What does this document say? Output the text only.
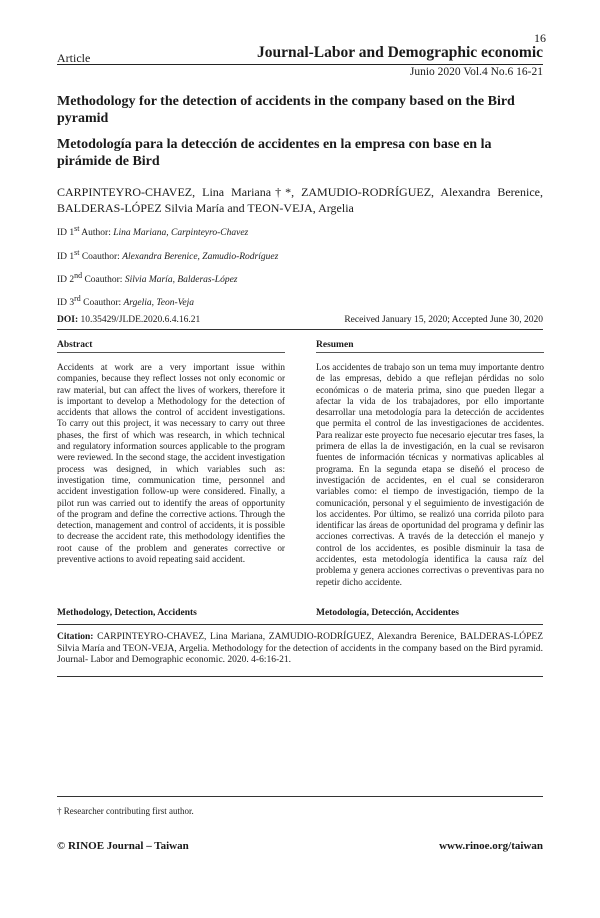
16
Article	Journal-Labor and Demographic economic
Junio 2020 Vol.4 No.6 16-21
Methodology for the detection of accidents in the company based on the Bird pyramid
Metodología para la detección de accidentes en la empresa con base en la pirámide de Bird
CARPINTEYRO-CHAVEZ, Lina Mariana†*, ZAMUDIO-RODRÍGUEZ, Alexandra Berenice, BALDERAS-LÓPEZ Silvia María and TEON-VEJA, Argelia
ID 1st Author: Lina Mariana, Carpinteyro-Chavez
ID 1st Coauthor: Alexandra Berenice, Zamudio-Rodríguez
ID 2nd Coauthor: Silvia María, Balderas-López
ID 3rd Coauthor: Argelia, Teon-Veja
DOI: 10.35429/JLDE.2020.6.4.16.21	Received January 15, 2020; Accepted June 30, 2020
Abstract	Resumen
Accidents at work are a very important issue within companies, because they reflect losses not only economic or raw material, but can affect the lives of workers, therefore it is important to develop a Methodology for the detection of accidents that allows the control of accident investigations. To carry out this project, it was necessary to carry out three phases, the first of which was research, in which technical and regulatory information sources applicable to the program were reviewed. In the second stage, the accident investigation process was designed, in which variables such as: investigation time, communication time, personnel and accident investigation follow-up were considered. Finally, a pilot run was carried out to identify the areas of opportunity of the program and define the corrective actions. Through the detection, management and control of accidents, it is possible to decrease the accident rate, this methodology identifies the root cause of the problem and generates corrective or preventive actions to avoid repeating said accident.
Los accidentes de trabajo son un tema muy importante dentro de las empresas, debido a que reflejan pérdidas no solo económicas o de materia prima, sino que pueden llegar a afectar la vida de los trabajadores, por ello importante desarrollar una metodología para la detección de accidentes que permita el control de las investigaciones de accidentes. Para realizar este proyecto fue necesario ejecutar tres fases, la primera de ellas la de investigación, en la cual se revisaron fuentes de información técnicas y normativas aplicables al programa. En la segunda etapa se diseñó el proceso de investigación de accidentes, en el cual se consideraron variables como: el tiempo de investigación, tiempo de la comunicación, personal y el seguimiento de investigación de los accidentes. Por último, se realizó una corrida piloto para identificar las áreas de oportunidad del programa y definir las acciones correctivas. A través de la detección el manejo y control de los accidentes, es posible disminuir la tasa de accidentes, esta metodología identifica la causa raíz del problema y genera acciones correctivas o preventivas para no repetir dicho accidente.
Methodology, Detection, Accidents	Metodología, Detección, Accidentes
Citation: CARPINTEYRO-CHAVEZ, Lina Mariana, ZAMUDIO-RODRÍGUEZ, Alexandra Berenice, BALDERAS-LÓPEZ Silvia María and TEON-VEJA, Argelia. Methodology for the detection of accidents in the company based on the Bird pyramid. Journal- Labor and Demographic economic. 2020. 4-6:16-21.
† Researcher contributing first author.
© RINOE Journal – Taiwan	www.rinoe.org/taiwan
